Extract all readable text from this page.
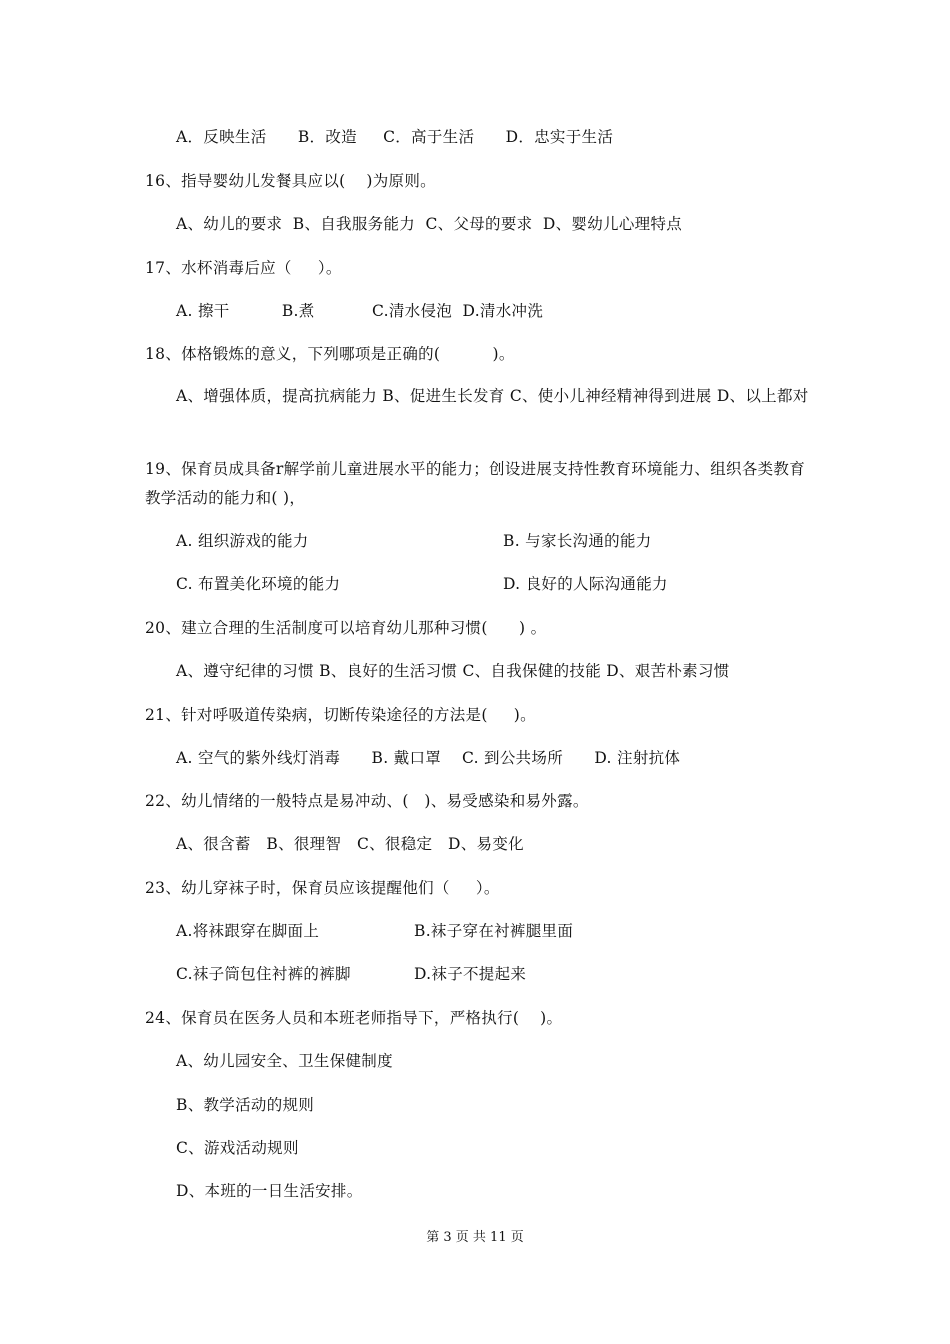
A．反映生活      B．改造     C．高于生活      D．忠实于生活
16、指导婴幼儿发餐具应以(    )为原则。
A、幼儿的要求  B、自我服务能力  C、父母的要求  D、婴幼儿心理特点
17、水杯消毒后应（     ）。
A. 擦干          B.煮           C.清水侵泡  D.清水冲洗
18、体格锻炼的意义，下列哪项是正确的(          )。
A、增强体质，提高抗病能力 B、促进生长发育 C、使小儿神经精神得到进展 D、以上都对
19、保育员成具备r解学前儿童进展水平的能力；创设进展支持性教育环境能力、组织各类教育教学活动的能力和( )，
A. 组织游戏的能力	B. 与家长沟通的能力
C. 布置美化环境的能力	D. 良好的人际沟通能力
20、建立合理的生活制度可以培育幼儿那种习惯(      ) 。
A、遵守纪律的习惯 B、良好的生活习惯 C、自我保健的技能 D、艰苦朴素习惯
21、针对呼吸道传染病，切断传染途径的方法是(     )。
A. 空气的紫外线灯消毒      B. 戴口罩    C. 到公共场所      D. 注射抗体
22、幼儿情绪的一般特点是易冲动、(   )、易受感染和易外露。
A、很含蓄   B、很理智   C、很稳定   D、易变化
23、幼儿穿袜子时，保育员应该提醒他们（     ）。
A.将袜跟穿在脚面上	B.袜子穿在衬裤腿里面
C.袜子筒包住衬裤的裤脚	D.袜子不提起来
24、保育员在医务人员和本班老师指导下，严格执行(    )。
A、幼儿园安全、卫生保健制度
B、教学活动的规则
C、游戏活动规则
D、本班的一日生活安排。
第 3 页 共 11 页
